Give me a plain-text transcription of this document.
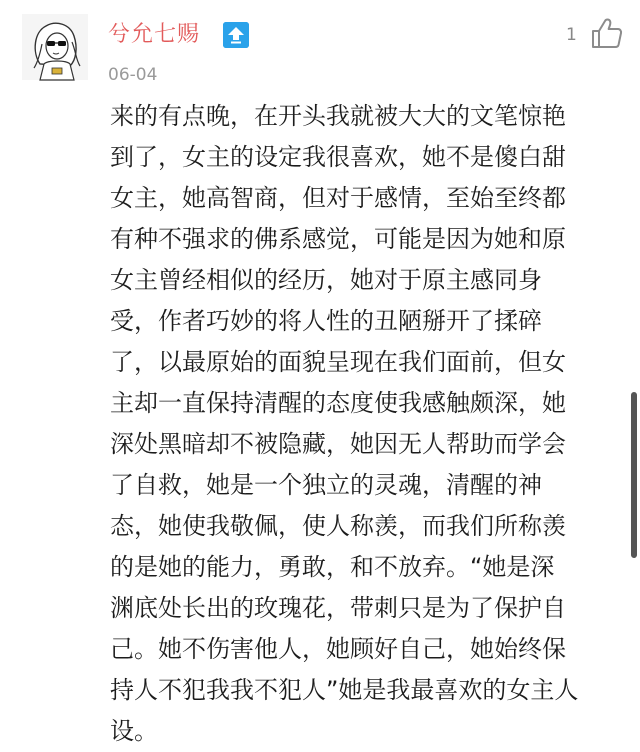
兮允七赐	1
06-04
来的有点晚，在开头我就被大大的文笔惊艳
到了，女主的设定我很喜欢，她不是傻白甜
女主，她高智商，但对于感情，至始至终都
有种不强求的佛系感觉，可能是因为她和原
女主曾经相似的经历，她对于原主感同身
受，作者巧妙的将人性的丑陋掰开了揉碎
了，以最原始的面貌呈现在我们面前，但女
主却一直保持清醒的态度使我感触颇深，她
深处黑暗却不被隐藏，她因无人帮助而学会
了自救，她是一个独立的灵魂，清醒的神
态，她使我敬佩，使人称羡，而我们所称羡
的是她的能力，勇敢，和不放弃。“她是深
渊底处长出的玫瑰花，带刺只是为了保护自
己。她不伤害他人，她顾好自己，她始终保
持人不犯我我不犯人”她是我最喜欢的女主人
设。
